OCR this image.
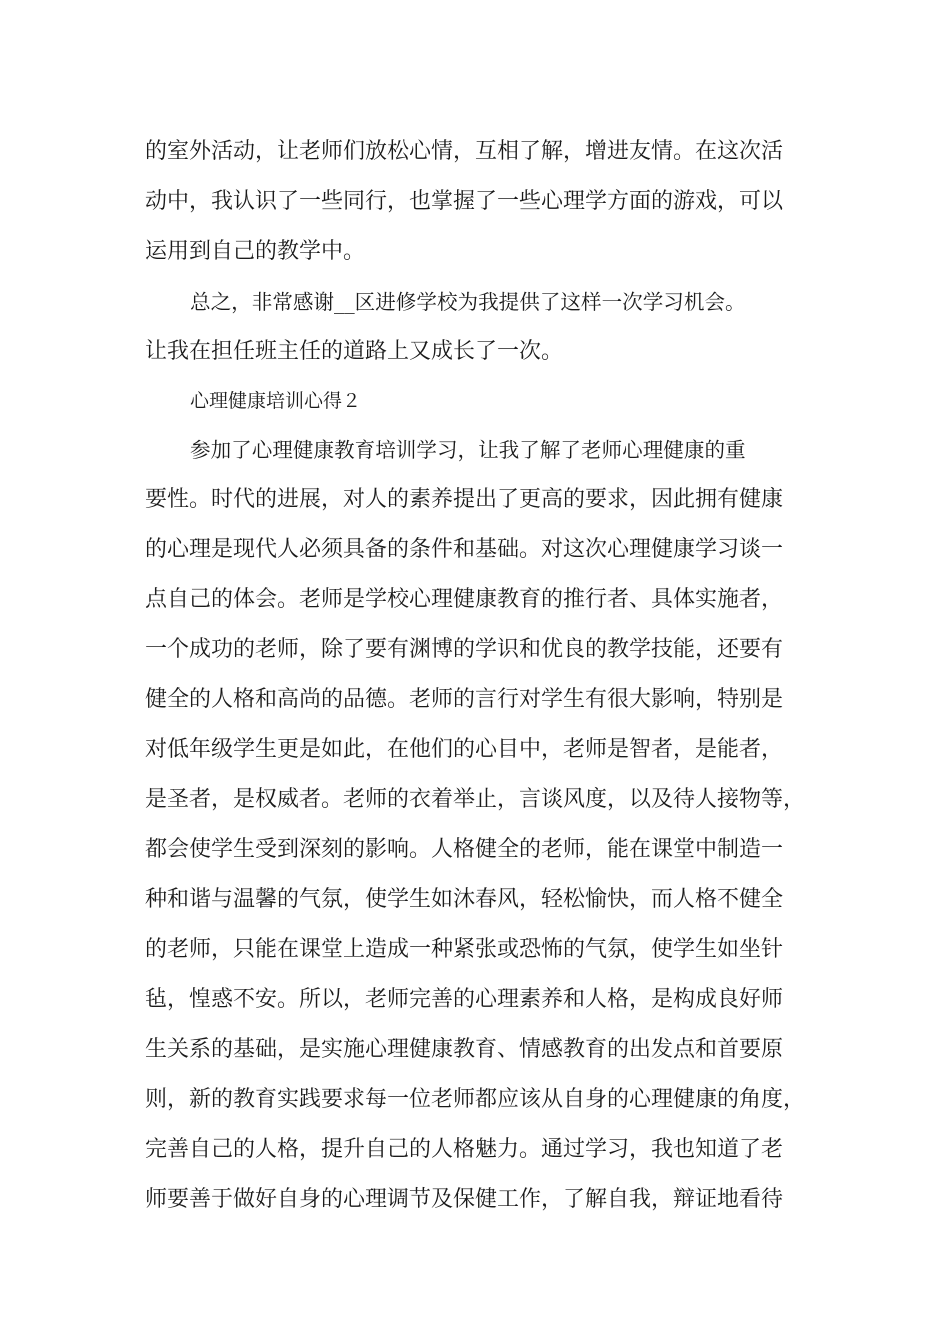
的室外活动，让老师们放松心情，互相了解，增进友情。在这次活
动中，我认识了一些同行，也掌握了一些心理学方面的游戏，可以
运用到自己的教学中。
总之，非常感谢__区进修学校为我提供了这样一次学习机会。
让我在担任班主任的道路上又成长了一次。
心理健康培训心得２
参加了心理健康教育培训学习，让我了解了老师心理健康的重
要性。时代的进展，对人的素养提出了更高的要求，因此拥有健康
的心理是现代人必须具备的条件和基础。对这次心理健康学习谈一
点自己的体会。老师是学校心理健康教育的推行者、具体实施者，
一个成功的老师，除了要有渊博的学识和优良的教学技能，还要有
健全的人格和高尚的品德。老师的言行对学生有很大影响，特别是
对低年级学生更是如此，在他们的心目中，老师是智者，是能者，
是圣者，是权威者。老师的衣着举止，言谈风度，以及待人接物等，
都会使学生受到深刻的影响。人格健全的老师，能在课堂中制造一
种和谐与温馨的气氛，使学生如沐春风，轻松愉快，而人格不健全
的老师，只能在课堂上造成一种紧张或恐怖的气氛，使学生如坐针
毡，惶惑不安。所以，老师完善的心理素养和人格，是构成良好师
生关系的基础，是实施心理健康教育、情感教育的出发点和首要原
则，新的教育实践要求每一位老师都应该从自身的心理健康的角度，
完善自己的人格，提升自己的人格魅力。通过学习，我也知道了老
师要善于做好自身的心理调节及保健工作，了解自我，辩证地看待
